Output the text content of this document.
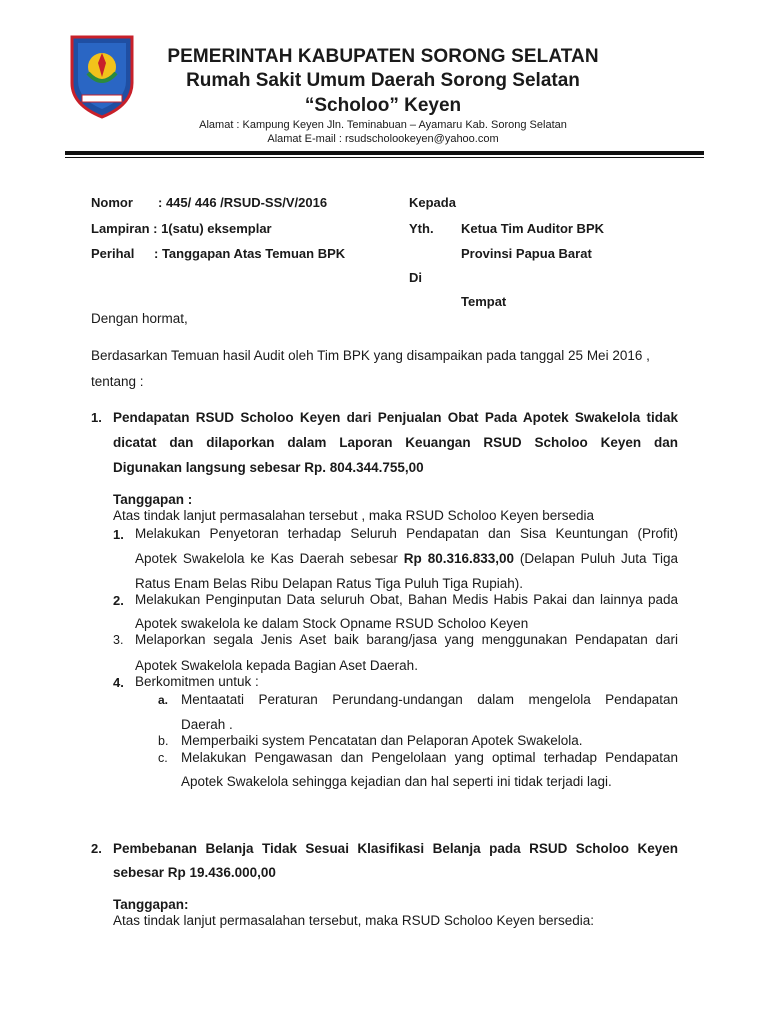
PEMERINTAH KABUPATEN SORONG SELATAN
Rumah Sakit Umum Daerah Sorong Selatan
“Scholoo” Keyen
Alamat : Kampung Keyen Jln. Teminabuan – Ayamaru Kab. Sorong Selatan
Alamat E-mail : rsudscholookeyen@yahoo.com
Nomor : 445/ 446 /RSUD-SS/V/2016
Lampiran : 1(satu) eksemplar
Perihal : Tanggapan Atas Temuan BPK
Kepada
Yth. Ketua Tim Auditor BPK
Provinsi Papua Barat
Di
Tempat
Dengan hormat,
Berdasarkan Temuan hasil Audit oleh Tim BPK yang disampaikan pada tanggal 25 Mei 2016 ,
tentang :
1. Pendapatan RSUD Scholoo Keyen dari Penjualan Obat Pada Apotek Swakelola tidak
dicatat dan dilaporkan dalam Laporan Keuangan RSUD Scholoo Keyen dan
Digunakan langsung sebesar Rp. 804.344.755,00
Tanggapan :
Atas tindak lanjut permasalahan tersebut , maka RSUD Scholoo Keyen bersedia
1. Melakukan Penyetoran terhadap Seluruh Pendapatan dan Sisa Keuntungan (Profit)
Apotek Swakelola ke Kas Daerah sebesar Rp 80.316.833,00 (Delapan Puluh Juta Tiga
Ratus Enam Belas Ribu Delapan Ratus Tiga Puluh Tiga Rupiah).
2. Melakukan Penginputan Data seluruh Obat, Bahan Medis Habis Pakai dan lainnya pada
Apotek swakelola ke dalam Stock Opname RSUD Scholoo Keyen
3. Melaporkan segala Jenis Aset baik barang/jasa yang menggunakan Pendapatan dari
Apotek Swakelola kepada Bagian Aset Daerah.
4. Berkomitmen untuk :
a. Mentaatati Peraturan Perundang-undangan dalam mengelola Pendapatan
Daerah .
b. Memperbaiki system Pencatatan dan Pelaporan Apotek Swakelola.
c. Melakukan Pengawasan dan Pengelolaan yang optimal terhadap Pendapatan
Apotek Swakelola sehingga kejadian dan hal seperti ini tidak terjadi lagi.
2. Pembebanan Belanja Tidak Sesuai Klasifikasi Belanja pada RSUD Scholoo Keyen
sebesar Rp 19.436.000,00
Tanggapan:
Atas tindak lanjut permasalahan tersebut, maka RSUD Scholoo Keyen bersedia:
